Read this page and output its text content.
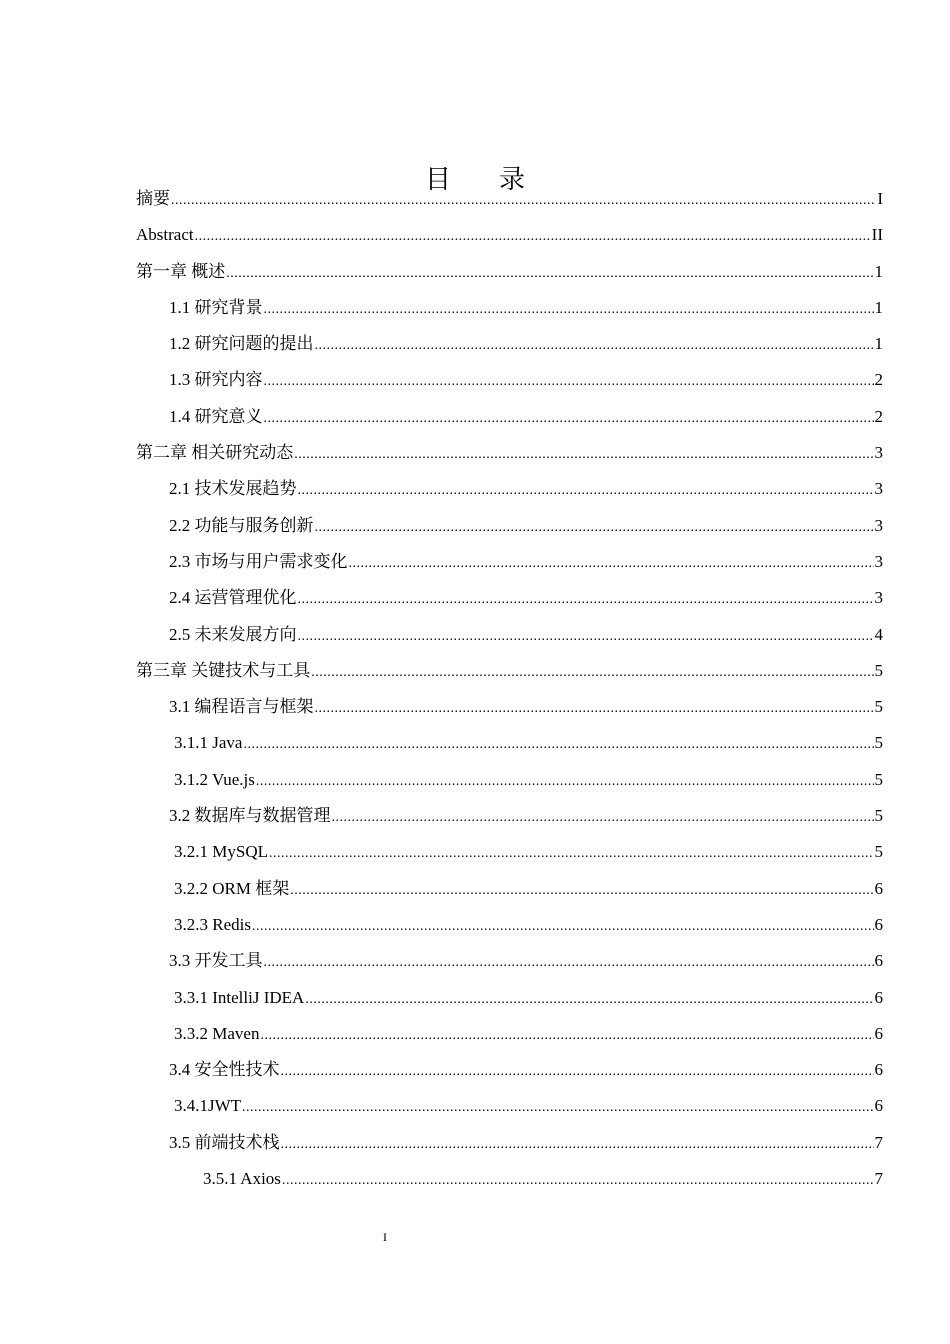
目 录
摘要 .....	I
Abstract .....	II
第一章 概述 .....	1
1.1 研究背景 .....	1
1.2 研究问题的提出 .....	1
1.3 研究内容 .....	2
1.4 研究意义 .....	2
第二章 相关研究动态 .....	3
2.1 技术发展趋势 .....	3
2.2 功能与服务创新 .....	3
2.3 市场与用户需求变化 .....	3
2.4 运营管理优化 .....	3
2.5 未来发展方向 .....	4
第三章 关键技术与工具 .....	5
3.1 编程语言与框架 .....	5
3.1.1 Java .....	5
3.1.2 Vue.js .....	5
3.2 数据库与数据管理 .....	5
3.2.1 MySQL .....	5
3.2.2 ORM 框架 .....	6
3.2.3 Redis .....	6
3.3 开发工具 .....	6
3.3.1 IntelliJ IDEA .....	6
3.3.2 Maven .....	6
3.4 安全性技术 .....	6
3.4.1JWT .....	6
3.5 前端技术栈 .....	7
3.5.1 Axios .....	7
I
